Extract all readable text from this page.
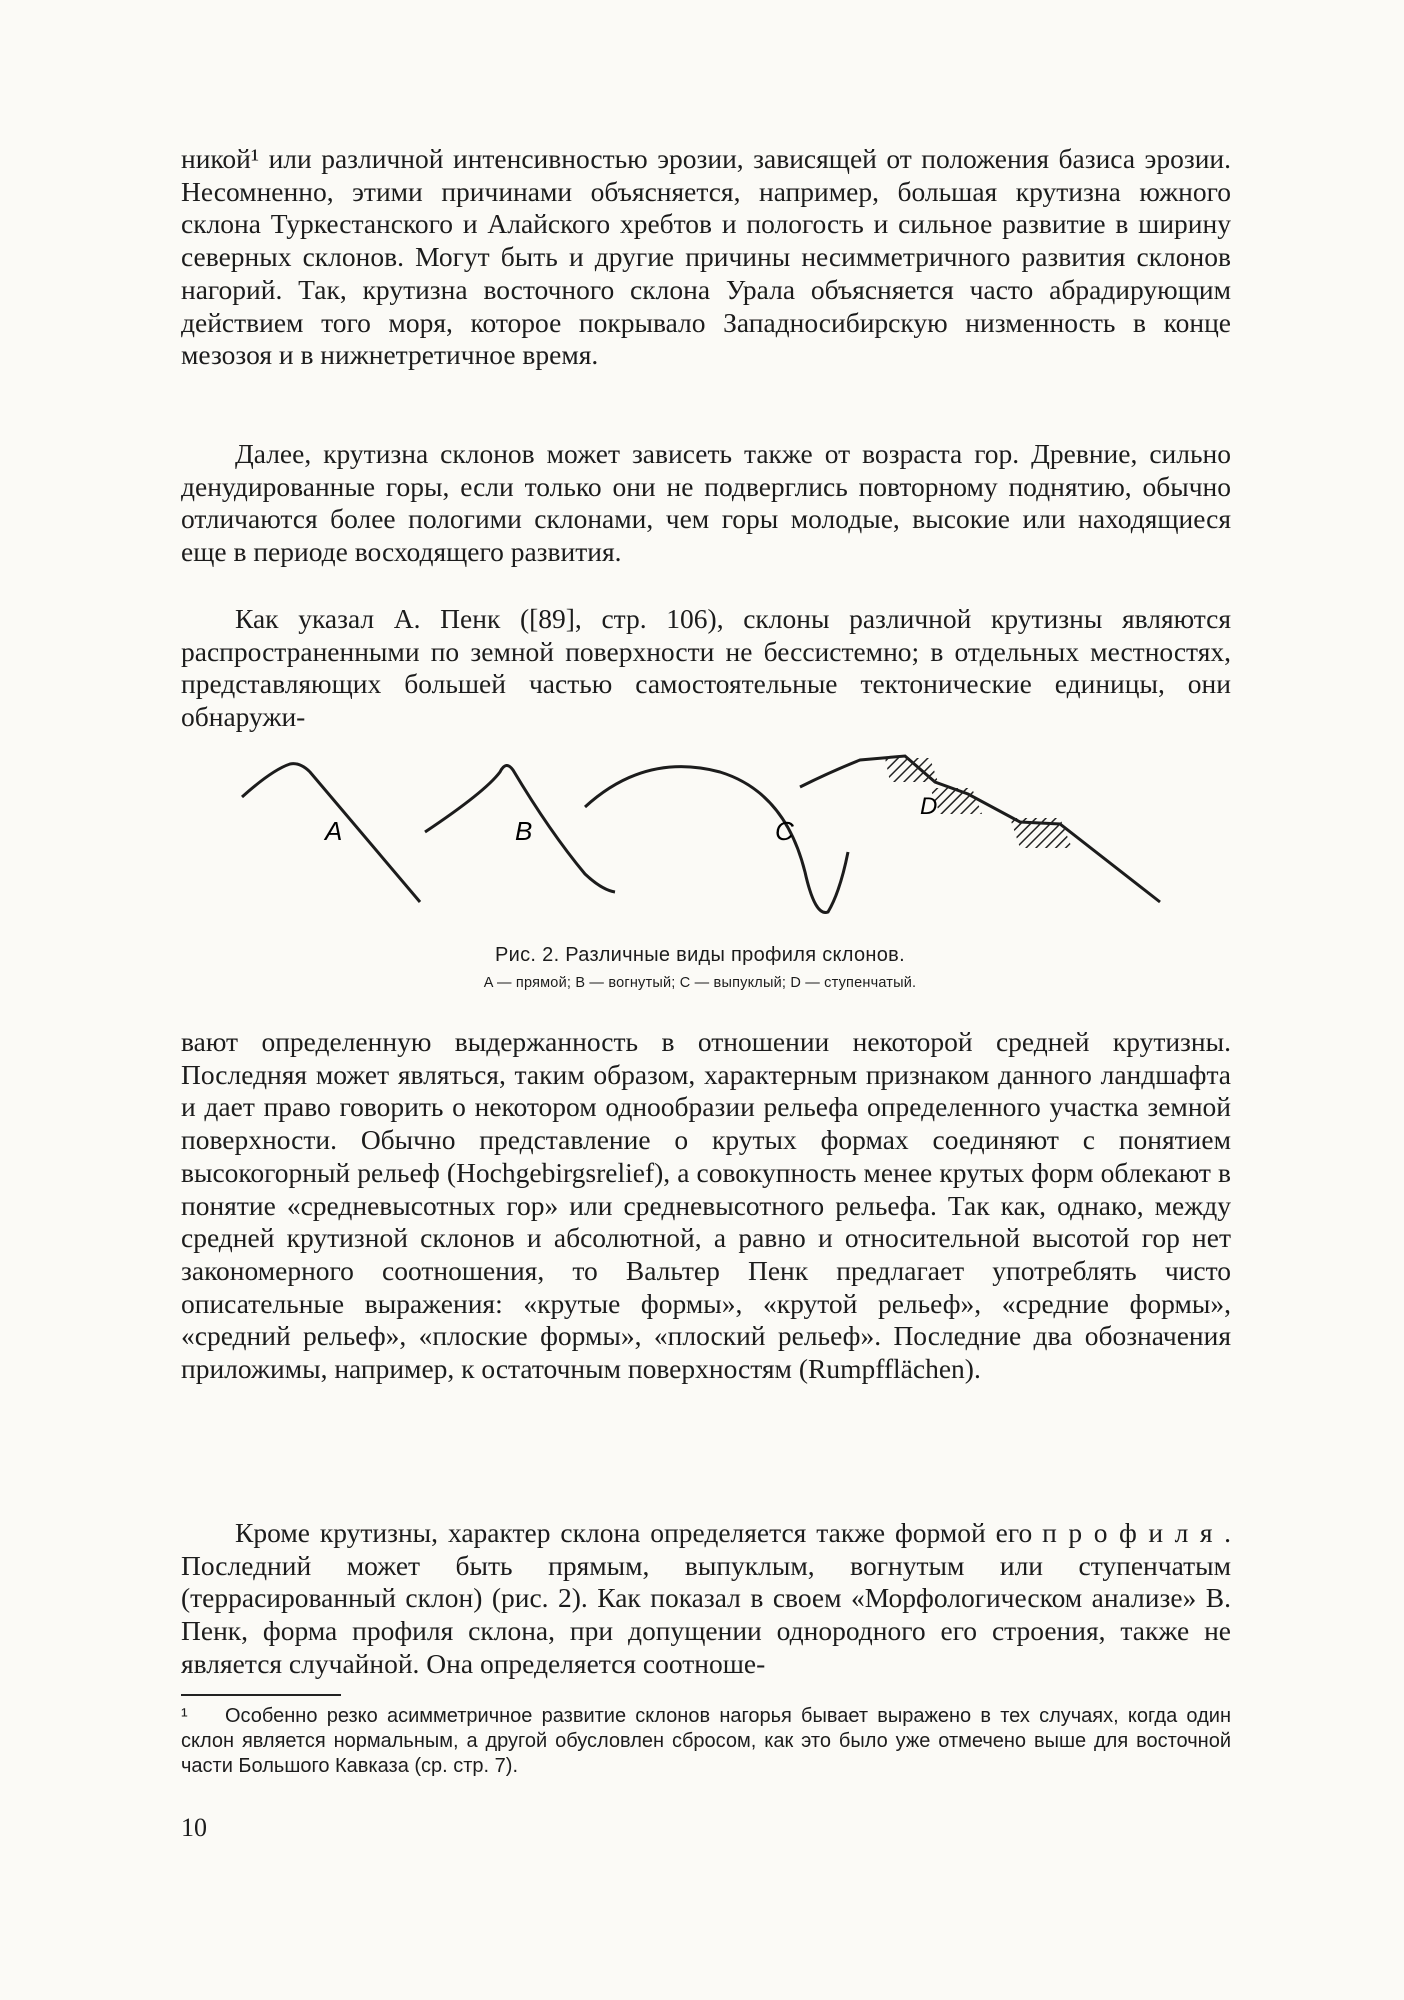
никой¹ или различной интенсивностью эрозии, зависящей от положения базиса эрозии. Несомненно, этими причинами объясняется, например, большая крутизна южного склона Туркестанского и Алайского хребтов и пологость и сильное развитие в ширину северных склонов. Могут быть и другие причины несимметричного развития склонов нагорий. Так, крутизна восточного склона Урала объясняется часто абрадирующим действием того моря, которое покрывало Западносибирскую низменность в конце мезозоя и в нижнетретичное время.

Далее, крутизна склонов может зависеть также от возраста гор. Древние, сильно денудированные горы, если только они не подверглись повторному поднятию, обычно отличаются более пологими склонами, чем горы молодые, высокие или находящиеся еще в периоде восходящего развития.

Как указал А. Пенк ([89], стр. 106), склоны различной крутизны являются распространенными по земной поверхности не бессистемно; в отдельных местностях, представляющих большей частью самостоятельные тектонические единицы, они обнаружи-

A	B	C
D
Рис. 2. Различные виды профиля склонов.
A — прямой; B — вогнутый; C — выпуклый; D — ступенчатый.

вают определенную выдержанность в отношении некоторой средней крутизны. Последняя может являться, таким образом, характерным признаком данного ландшафта и дает право говорить о некотором однообразии рельефа определенного участка земной поверхности. Обычно представление о крутых формах соединяют с понятием высокогорный рельеф (Hochgebirgsrelief), а совокупность менее крутых форм облекают в понятие «средневысотных гор» или средневысотного рельефа. Так как, однако, между средней крутизной склонов и абсолютной, а равно и относительной высотой гор нет закономерного соотношения, то Вальтер Пенк предлагает употреблять чисто описательные выражения: «крутые формы», «крутой рельеф», «средние формы», «средний рельеф», «плоские формы», «плоский рельеф». Последние два обозначения приложимы, например, к остаточным поверхностям (Rumpfflächen).

Кроме крутизны, характер склона определяется также формой его профиля. Последний может быть прямым, выпуклым, вогнутым или ступенчатым (террасированный склон) (рис. 2). Как показал в своем «Морфологическом анализе» В. Пенк, форма профиля склона, при допущении однородного его строения, также не является случайной. Она определяется соотноше-

¹ Особенно резко асимметричное развитие склонов нагорья бывает выражено в тех случаях, когда один склон является нормальным, а другой обусловлен сбросом, как это было уже отмечено выше для восточной части Большого Кавказа (ср. стр. 7).

10
